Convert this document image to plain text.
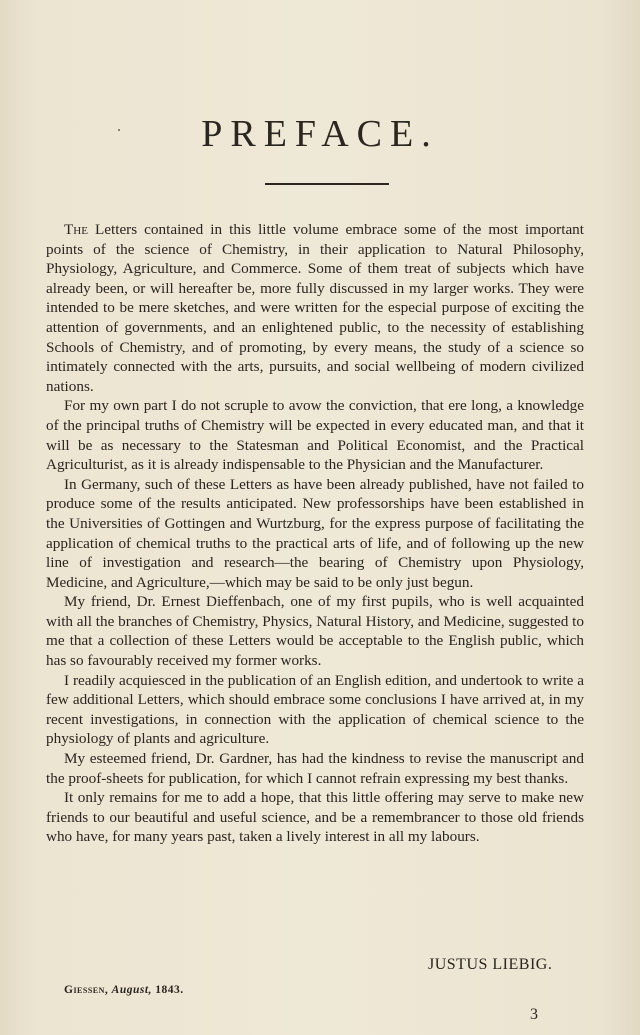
PREFACE.

The Letters contained in this little volume embrace some of the most important points of the science of Chemistry, in their application to Natural Philosophy, Physiology, Agriculture, and Commerce. Some of them treat of subjects which have already been, or will hereafter be, more fully discussed in my larger works. They were intended to be mere sketches, and were written for the especial purpose of exciting the attention of governments, and an enlightened public, to the necessity of establishing Schools of Chemistry, and of promoting, by every means, the study of a science so intimately connected with the arts, pursuits, and social wellbeing of modern civilized nations.

For my own part I do not scruple to avow the conviction, that ere long, a knowledge of the principal truths of Chemistry will be expected in every educated man, and that it will be as necessary to the Statesman and Political Economist, and the Practical Agriculturist, as it is already indispensable to the Physician and the Manufacturer.

In Germany, such of these Letters as have been already published, have not failed to produce some of the results anticipated. New professorships have been established in the Universities of Gottingen and Wurtzburg, for the express purpose of facilitating the application of chemical truths to the practical arts of life, and of following up the new line of investigation and research—the bearing of Chemistry upon Physiology, Medicine, and Agriculture,—which may be said to be only just begun.

My friend, Dr. Ernest Dieffenbach, one of my first pupils, who is well acquainted with all the branches of Chemistry, Physics, Natural History, and Medicine, suggested to me that a collection of these Letters would be acceptable to the English public, which has so favourably received my former works.

I readily acquiesced in the publication of an English edition, and undertook to write a few additional Letters, which should embrace some conclusions I have arrived at, in my recent investigations, in connection with the application of chemical science to the physiology of plants and agriculture.

My esteemed friend, Dr. Gardner, has had the kindness to revise the manuscript and the proof-sheets for publication, for which I cannot refrain expressing my best thanks.

It only remains for me to add a hope, that this little offering may serve to make new friends to our beautiful and useful science, and be a remembrancer to those old friends who have, for many years past, taken a lively interest in all my labours.

JUSTUS LIEBIG.
Giessen, August, 1843.
3
